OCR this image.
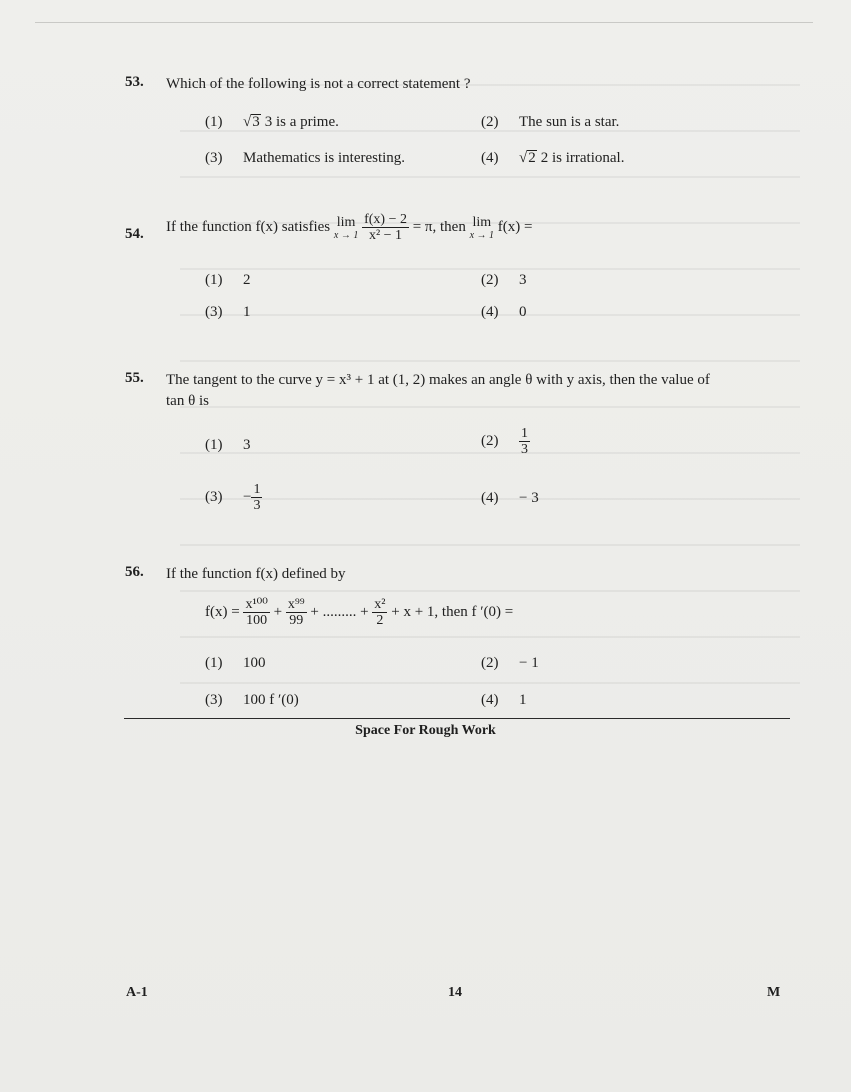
53. Which of the following is not a correct statement ?
(1) √3 3 is a prime.	(2) The sun is a star.
(3) Mathematics is interesting.	(4) √2 2 is irrational.
54. If the function f(x) satisfies lim
x → 1
$\frac{f(x) - 2}{\text{x² − 1}} = \pi$, then lim
x → 1 f(x) =
(1) 2	(2) 3
(3) 1	(4) 0
55. The tangent to the curve y = x³ + 1 at (1, 2) makes an angle θ with y axis, then the value of
tan θ is
(1) 3	$(2) \frac{1}{3}$
$(3) - \frac{1}{3}$	(4) − 3
56. If the function f(x) defined by
$f(x) = \frac{\text{x¹⁰⁰}}{100} + \frac{\text{x⁹⁹}}{99}$ + ......... + $\frac{\text{x²}}{2} + x + 1$, then f ′(0) =
(1) 100	(2) − 1
(3) 100 f ′(0)	(4) 1
Space For Rough Work
A-1	14	M
